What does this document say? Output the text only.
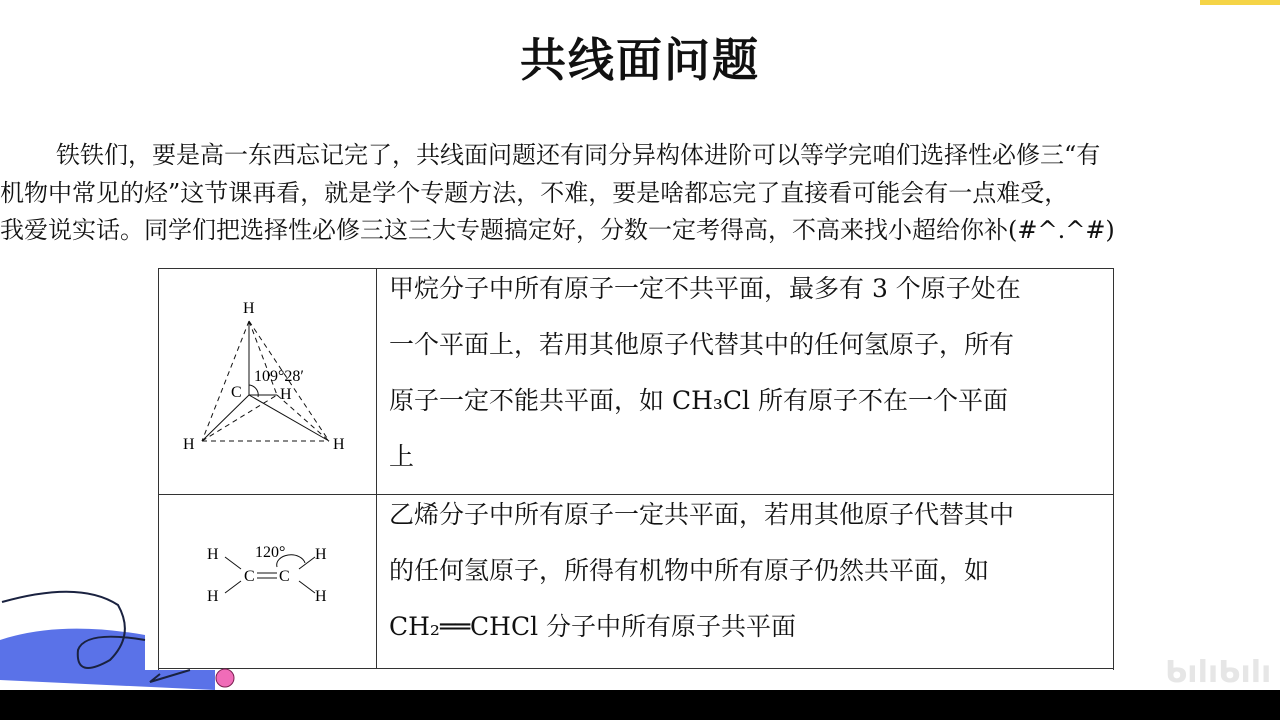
共线面问题
铁铁们，要是高一东西忘记完了，共线面问题还有同分异构体进阶可以等学完咱们选择性必修三“有
机物中常见的烃”这节课再看，就是学个专题方法，不难，要是啥都忘完了直接看可能会有一点难受，
我爱说实话。同学们把选择性必修三这三大专题搞定好，分数一定考得高，不高来找小超给你补(#^.^#)
H
C H
H	H
109°28′
甲烷分子中所有原子一定不共平面，最多有 3 个原子处在
一个平面上，若用其他原子代替其中的任何氢原子，所有
原子一定不能共平面，如 CH₃Cl 所有原子不在一个平面
上
H
H
H
H
C C
120°
乙烯分子中所有原子一定共平面，若用其他原子代替其中
的任何氢原子，所得有机物中所有原子仍然共平面，如
CH₂══CHCl 分子中所有原子共平面
ᑲılıᑲılı
